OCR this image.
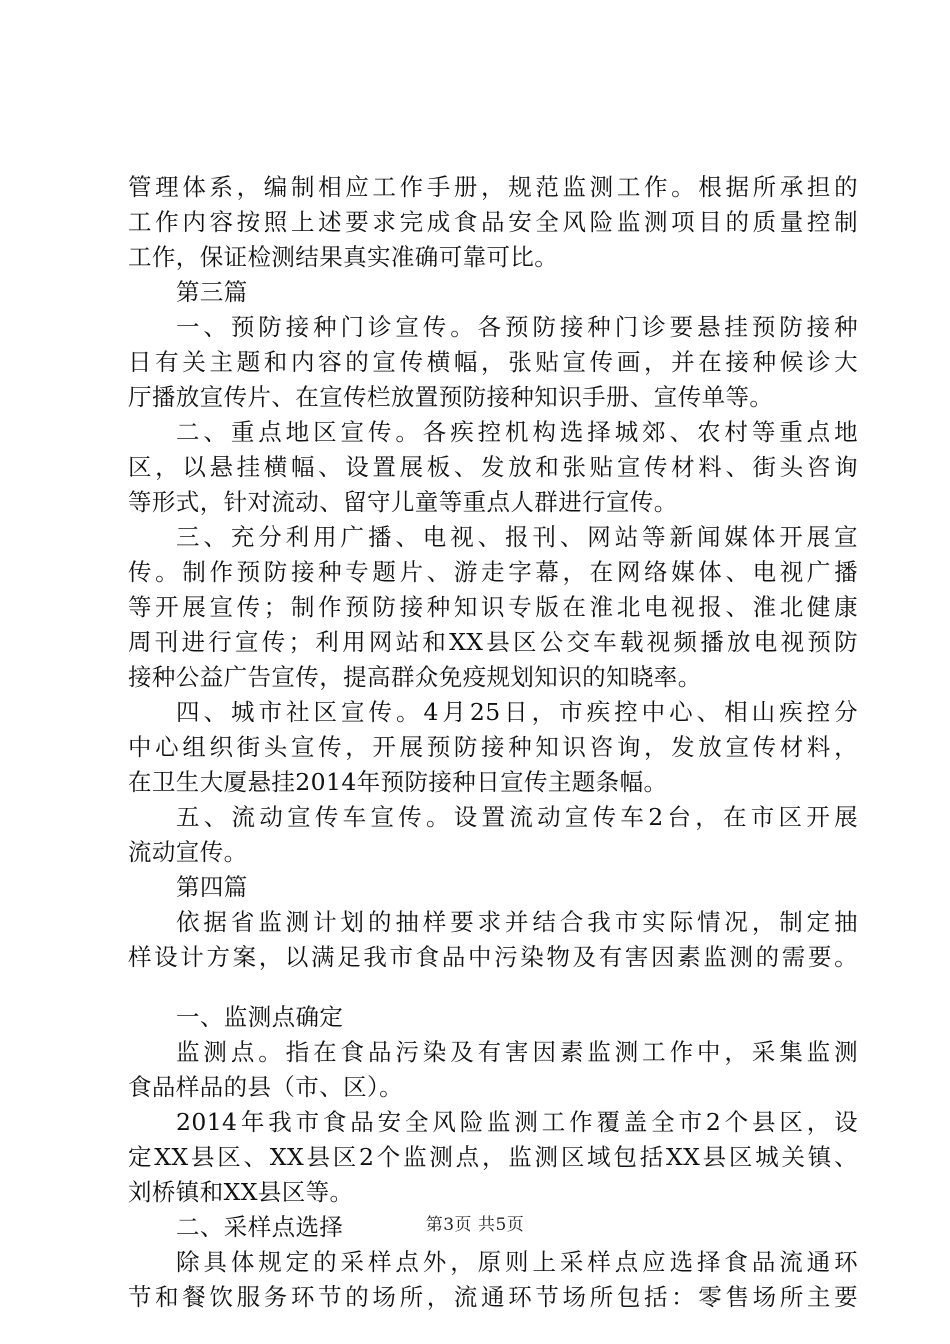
管理体系，编制相应工作手册，规范监测工作。根据所承担的
工作内容按照上述要求完成食品安全风险监测项目的质量控制
工作，保证检测结果真实准确可靠可比。
第三篇
一、预防接种门诊宣传。各预防接种门诊要悬挂预防接种
日有关主题和内容的宣传横幅，张贴宣传画，并在接种候诊大
厅播放宣传片、在宣传栏放置预防接种知识手册、宣传单等。
二、重点地区宣传。各疾控机构选择城郊、农村等重点地
区，以悬挂横幅、设置展板、发放和张贴宣传材料、街头咨询
等形式，针对流动、留守儿童等重点人群进行宣传。
三、充分利用广播、电视、报刊、网站等新闻媒体开展宣
传。制作预防接种专题片、游走字幕，在网络媒体、电视广播
等开展宣传；制作预防接种知识专版在淮北电视报、淮北健康
周刊进行宣传；利用网站和XX县区公交车载视频播放电视预防
接种公益广告宣传，提高群众免疫规划知识的知晓率。
四、城市社区宣传。4月25日，市疾控中心、相山疾控分
中心组织街头宣传，开展预防接种知识咨询，发放宣传材料，
在卫生大厦悬挂2014年预防接种日宣传主题条幅。
五、流动宣传车宣传。设置流动宣传车2台，在市区开展
流动宣传。
第四篇
依据省监测计划的抽样要求并结合我市实际情况，制定抽
样设计方案，以满足我市食品中污染物及有害因素监测的需要。
一、监测点确定
监测点。指在食品污染及有害因素监测工作中，采集监测
食品样品的县（市、区）。
2014年我市食品安全风险监测工作覆盖全市2个县区，设
定XX县区、XX县区2个监测点，监测区域包括XX县区城关镇、
刘桥镇和XX县区等。
二、采样点选择
除具体规定的采样点外，原则上采样点应选择食品流通环
节和餐饮服务环节的场所，流通环节场所包括：零售场所主要
第3页 共5页
